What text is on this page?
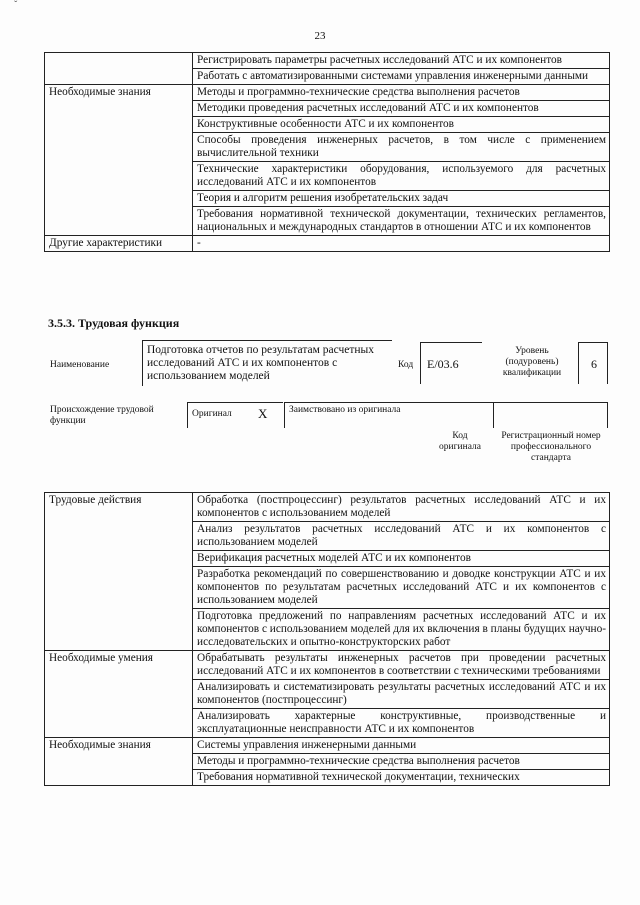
ˇ
23
	Регистрировать параметры расчетных исследований АТС и их компонентов
	Работать с автоматизированными системами управления инженерными данными
Необходимые знания	Методы и программно-технические средства выполнения расчетов
	Методики проведения расчетных исследований АТС и их компонентов
	Конструктивные особенности АТС и их компонентов
	Способы проведения инженерных расчетов, в том числе с применением вычислительной техники
	Технические характеристики оборудования, используемого для расчетных исследований АТС и их компонентов
	Теория и алгоритм решения изобретательских задач
	Требования нормативной технической документации, технических регламентов, национальных и международных стандартов в отношении АТС и их компонентов
Другие характеристики	-
3.5.3. Трудовая функция
Наименование
Подготовка отчетов по результатам расчетных исследований АТС и их компонентов с использованием моделей
Код	E/03.6
Уровень (подуровень) квалификации
6
Происхождение трудовой функции
Оригинал	X	Заимствовано из оригинала
Код оригинала
Регистрационный номер профессионального стандарта
Трудовые действия	Обработка (постпроцессинг) результатов расчетных исследований АТС и их компонентов с использованием моделей
	Анализ результатов расчетных исследований АТС и их компонентов с использованием моделей
	Верификация расчетных моделей АТС и их компонентов
	Разработка рекомендаций по совершенствованию и доводке конструкции АТС и их компонентов по результатам расчетных исследований АТС и их компонентов с использованием моделей
	Подготовка предложений по направлениям расчетных исследований АТС и их компонентов с использованием моделей для их включения в планы будущих научно-исследовательских и опытно-конструкторских работ
Необходимые умения	Обрабатывать результаты инженерных расчетов при проведении расчетных исследований АТС и их компонентов в соответствии с техническими требованиями
	Анализировать и систематизировать результаты расчетных исследований АТС и их компонентов (постпроцессинг)
	Анализировать характерные конструктивные, производственные и эксплуатационные неисправности АТС и их компонентов
Необходимые знания	Системы управления инженерными данными
	Методы и программно-технические средства выполнения расчетов
	Требования нормативной технической документации, технических
